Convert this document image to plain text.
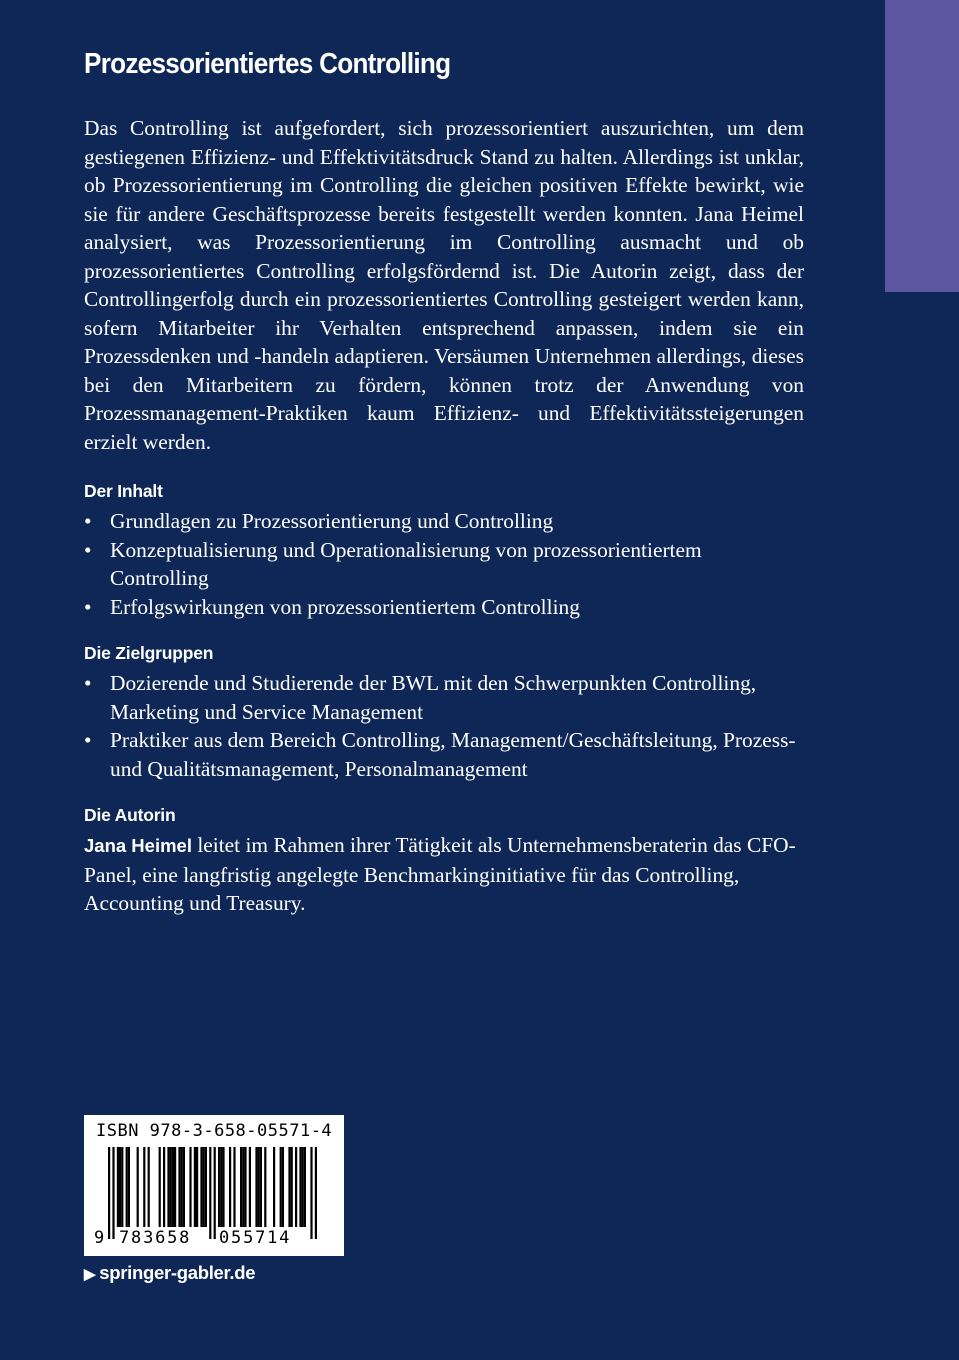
Prozessorientiertes Controlling
Das Controlling ist aufgefordert, sich prozessorientiert auszurichten, um dem gestiegenen Effizienz- und Effektivitätsdruck Stand zu halten. Allerdings ist unklar, ob Prozessorientierung im Controlling die gleichen positiven Effekte bewirkt, wie sie für andere Geschäftsprozesse bereits festgestellt werden konnten. Jana Heimel analysiert, was Prozessorientierung im Controlling ausmacht und ob prozessorientiertes Controlling erfolgsfördernd ist. Die Autorin zeigt, dass der Controllingerfolg durch ein prozessorientiertes Controlling gesteigert werden kann, sofern Mitarbeiter ihr Verhalten entsprechend anpassen, indem sie ein Prozessdenken und -handeln adaptieren. Versäumen Unternehmen allerdings, dieses bei den Mitarbeitern zu fördern, können trotz der Anwendung von Prozessmanagement-Praktiken kaum Effizienz- und Effektivitätssteigerungen erzielt werden.
Der Inhalt
• Grundlagen zu Prozessorientierung und Controlling
• Konzeptualisierung und Operationalisierung von prozessorientiertem Controlling
• Erfolgswirkungen von prozessorientiertem Controlling
Die Zielgruppen
• Dozierende und Studierende der BWL mit den Schwerpunkten Controlling, Marketing und Service Management
• Praktiker aus dem Bereich Controlling, Management/Geschäftsleitung, Prozess- und Qualitätsmanagement, Personalmanagement
Die Autorin
Jana Heimel leitet im Rahmen ihrer Tätigkeit als Unternehmensberaterin das CFO-Panel, eine langfristig angelegte Benchmarkinginitiative für das Controlling, Accounting und Treasury.
ISBN 978-3-658-05571-4
9 783658 055714
▶ springer-gabler.de
